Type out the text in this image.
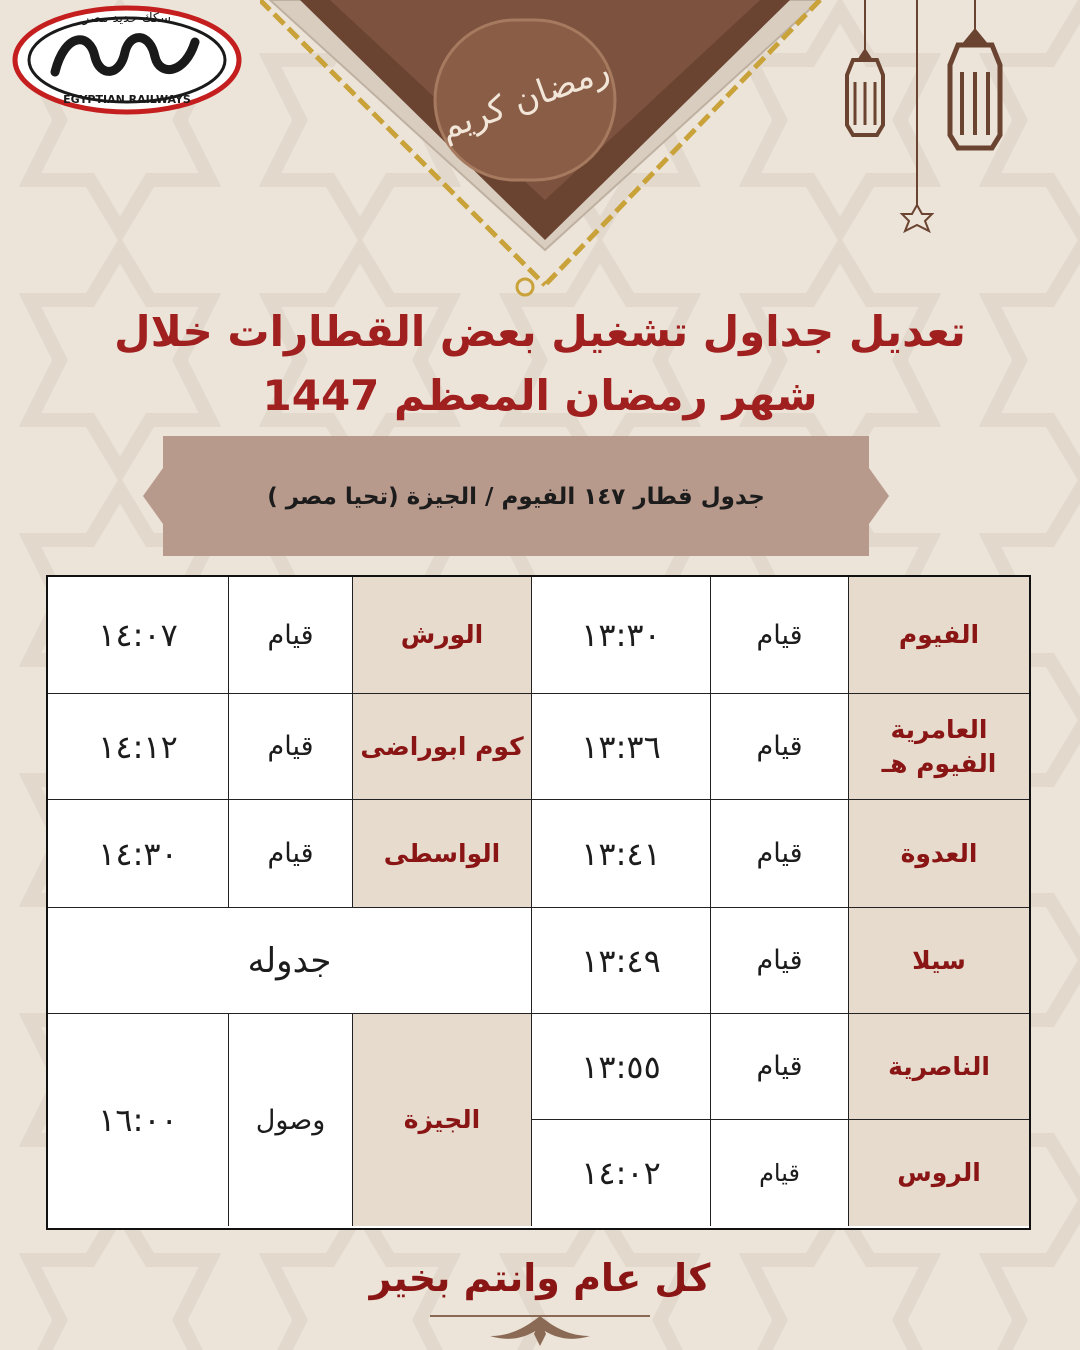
سكك حديد مصر
EGYPTIAN RAILWAYS	رمضان كريم
تعديل جداول تشغيل بعض القطارات خلال
شهر رمضان المعظم 1447
جدول قطار ١٤٧ الفيوم / الجيزة (تحيا مصر )
الفيوم
قيام
١٣:٣٠
العامرية الفيوم هـ
قيام
١٣:٣٦
العدوة
قيام
١٣:٤١
سيلا
قيام
١٣:٤٩
الناصرية
قيام
١٣:٥٥
الروس
قيام
١٤:٠٢
الورش
قيام
١٤:٠٧
كوم ابوراضى
قيام
١٤:١٢
الواسطى
قيام
١٤:٣٠
جدوله
الجيزة
وصول
١٦:٠٠
كل عام وانتم بخير
